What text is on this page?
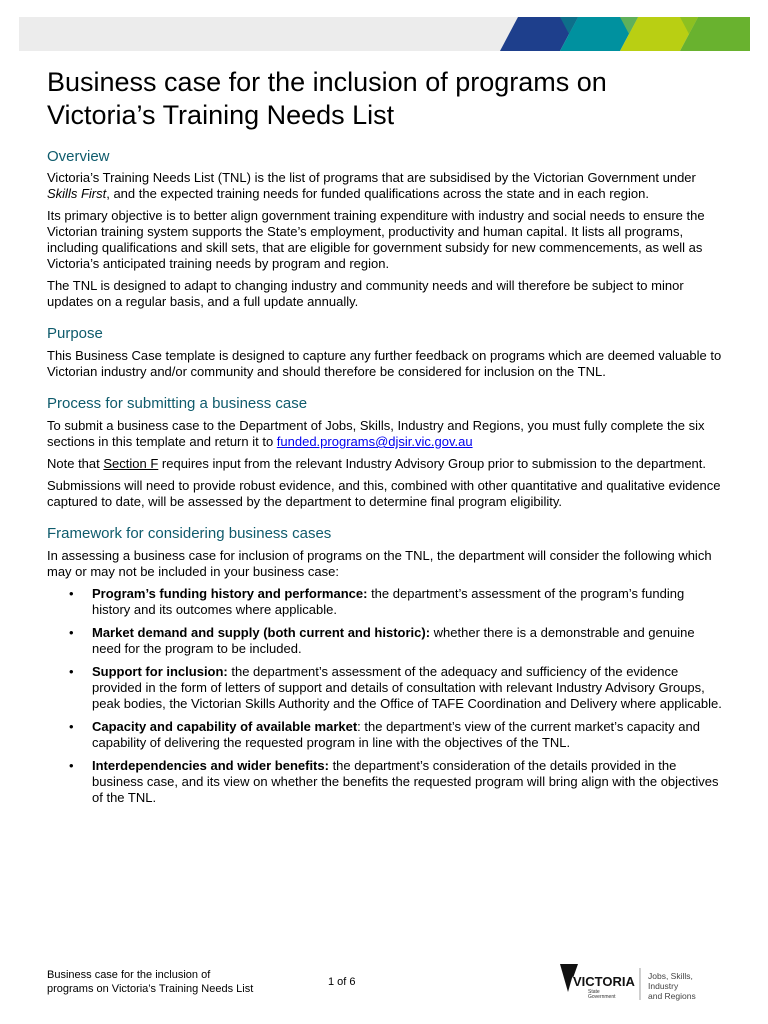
Business case for the inclusion of programs on
Victoria’s Training Needs List
Overview

Victoria’s Training Needs List (TNL) is the list of programs that are subsidised by the Victorian Government under Skills First, and the expected training needs for funded qualifications across the state and in each region.

Its primary objective is to better align government training expenditure with industry and social needs to ensure the Victorian training system supports the State’s employment, productivity and human capital. It lists all programs, including qualifications and skill sets, that are eligible for government subsidy for new commencements, as well as Victoria’s anticipated training needs by program and region.

The TNL is designed to adapt to changing industry and community needs and will therefore be subject to minor updates on a regular basis, and a full update annually.

Purpose

This Business Case template is designed to capture any further feedback on programs which are deemed valuable to Victorian industry and/or community and should therefore be considered for inclusion on the TNL.

Process for submitting a business case

To submit a business case to the Department of Jobs, Skills, Industry and Regions, you must fully complete the six sections in this template and return it to funded.programs@djsir.vic.gov.au

Note that Section F requires input from the relevant Industry Advisory Group prior to submission to the department.

Submissions will need to provide robust evidence, and this, combined with other quantitative and qualitative evidence captured to date, will be assessed by the department to determine final program eligibility.

Framework for considering business cases

In assessing a business case for inclusion of programs on the TNL, the department will consider the following which may or may not be included in your business case:

• Program’s funding history and performance: the department’s assessment of the program’s funding history and its outcomes where applicable.
• Market demand and supply (both current and historic): whether there is a demonstrable and genuine need for the program to be included.
• Support for inclusion: the department’s assessment of the adequacy and sufficiency of the evidence provided in the form of letters of support and details of consultation with relevant Industry Advisory Groups, peak bodies, the Victorian Skills Authority and the Office of TAFE Coordination and Delivery where applicable.
• Capacity and capability of available market: the department’s view of the current market’s capacity and capability of delivering the requested program in line with the objectives of the TNL.
• Interdependencies and wider benefits: the department’s consideration of the details provided in the business case, and its view on whether the benefits the requested program will bring align with the objectives of the TNL.
Business case for the inclusion of
programs on Victoria’s Training Needs List
1 of 6	VICTORIA
State
Government
Jobs, Skills,
Industry
and Regions
